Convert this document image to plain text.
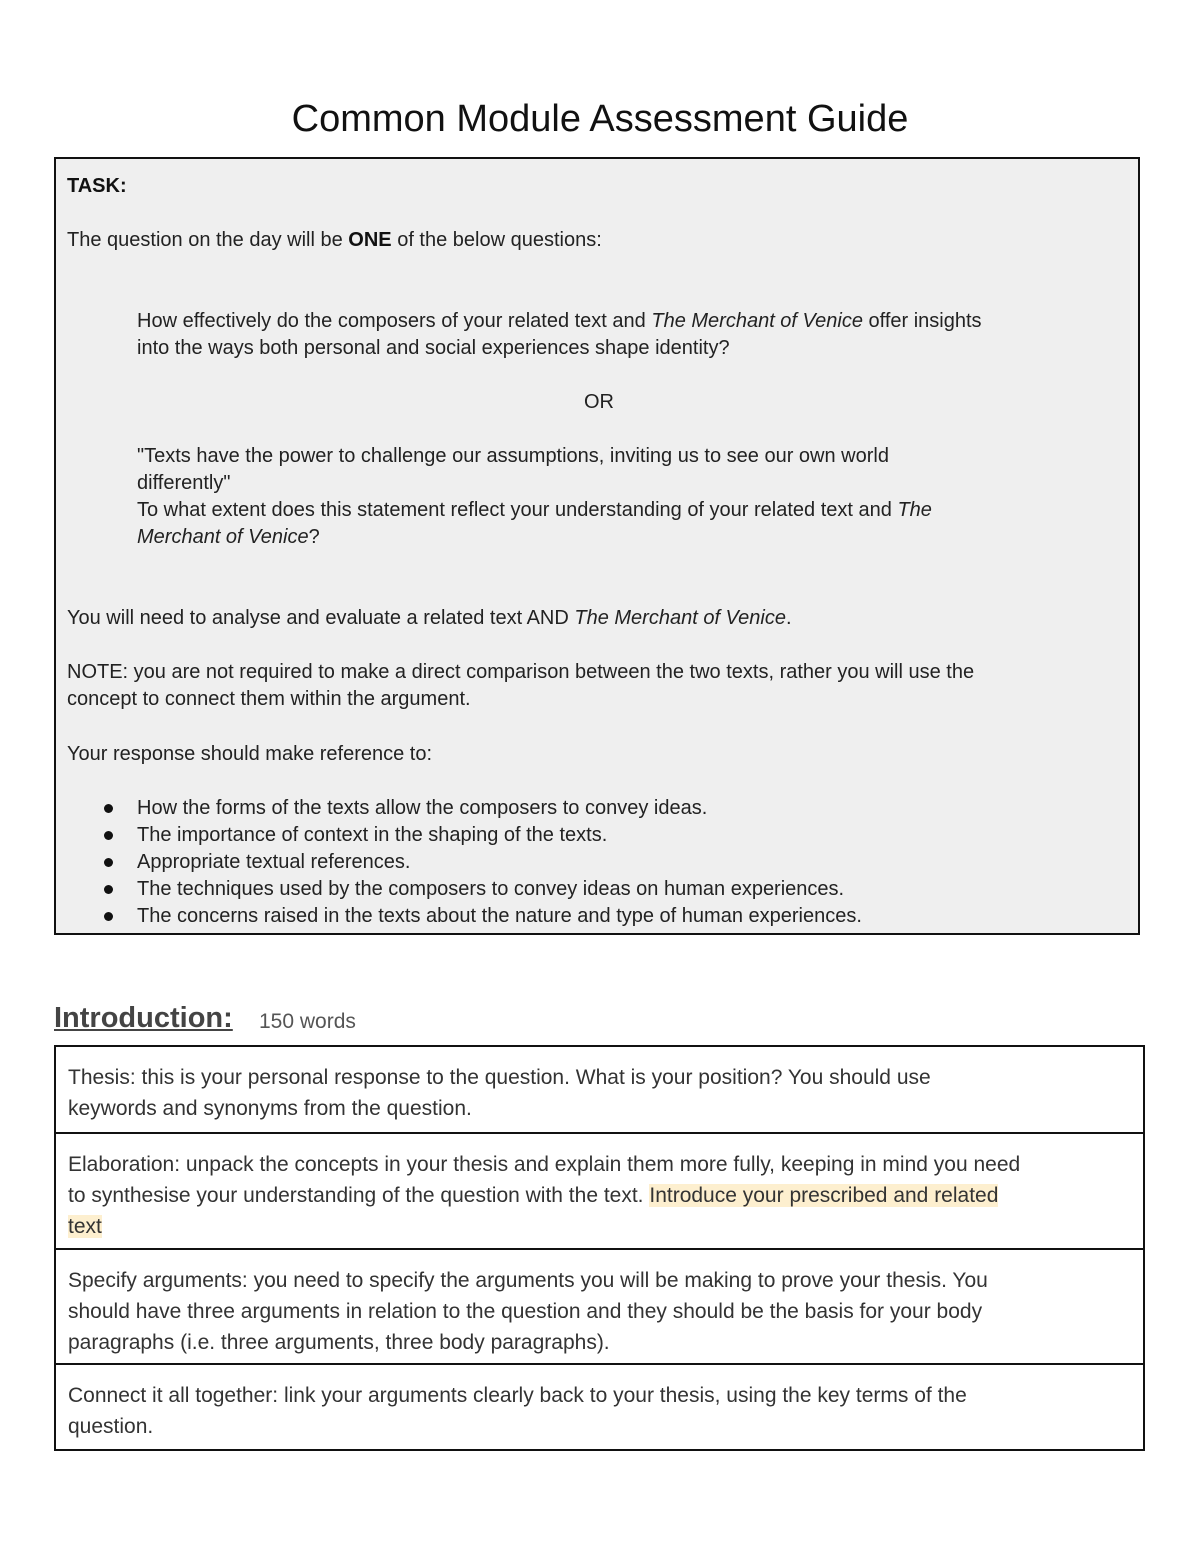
Common Module Assessment Guide
TASK:
The question on the day will be ONE of the below questions:
How effectively do the composers of your related text and The Merchant of Venice offer insights
into the ways both personal and social experiences shape identity?
OR
"Texts have the power to challenge our assumptions, inviting us to see our own world
differently"
To what extent does this statement reflect your understanding of your related text and The
Merchant of Venice?
You will need to analyse and evaluate a related text AND The Merchant of Venice.
NOTE: you are not required to make a direct comparison between the two texts, rather you will use the
concept to connect them within the argument.
Your response should make reference to:
How the forms of the texts allow the composers to convey ideas.
The importance of context in the shaping of the texts.
Appropriate textual references.
The techniques used by the composers to convey ideas on human experiences.
The concerns raised in the texts about the nature and type of human experiences.
Introduction: 150 words
Thesis: this is your personal response to the question. What is your position? You should use
keywords and synonyms from the question.
Elaboration: unpack the concepts in your thesis and explain them more fully, keeping in mind you need
to synthesise your understanding of the question with the text. Introduce your prescribed and related
text
Specify arguments: you need to specify the arguments you will be making to prove your thesis. You
should have three arguments in relation to the question and they should be the basis for your body
paragraphs (i.e. three arguments, three body paragraphs).
Connect it all together: link your arguments clearly back to your thesis, using the key terms of the
question.
